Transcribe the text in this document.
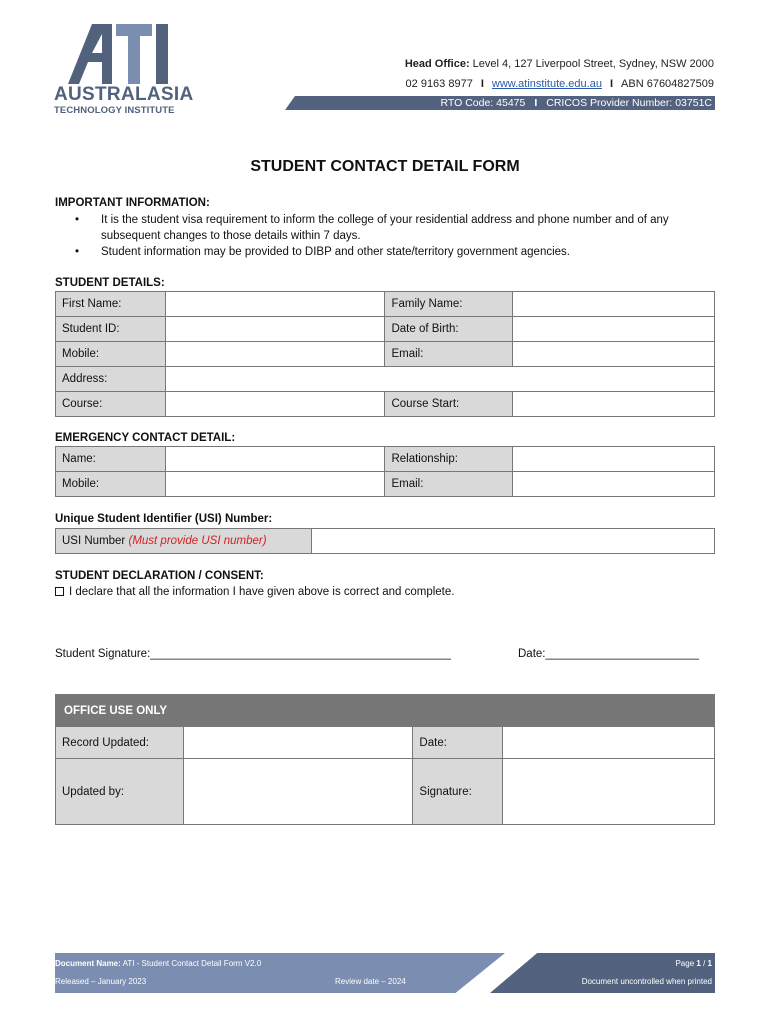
AUSTRALASIA
TECHNOLOGY INSTITUTE
Head Office: Level 4, 127 Liverpool Street, Sydney, NSW 2000
02 9163 8977 I www.atinstitute.edu.au I ABN 67604827509
RTO Code: 45475 I CRICOS Provider Number: 03751C
STUDENT CONTACT DETAIL FORM
IMPORTANT INFORMATION:
• It is the student visa requirement to inform the college of your residential address and phone number and of any subsequent changes to those details within 7 days.
• Student information may be provided to DIBP and other state/territory government agencies.
STUDENT DETAILS:
First Name:		Family Name:	
Student ID:		Date of Birth:	
Mobile:		Email:	
Address:			
Course:		Course Start:	
EMERGENCY CONTACT DETAIL:
Name:		Relationship:	
Mobile:		Email:	
Unique Student Identifier (USI) Number:
USI Number (Must provide USI number)	
STUDENT DECLARATION / CONSENT:
I declare that all the information I have given above is correct and complete.
Student Signature:_______________________________________________	Date:________________________
OFFICE USE ONLY			
Record Updated:		Date:	
Updated by:		Signature:	
Document Name: ATI - Student Contact Detail Form V2.0
Released – January 2023	Review date – 2024
Page 1 / 1
Document uncontrolled when printed
